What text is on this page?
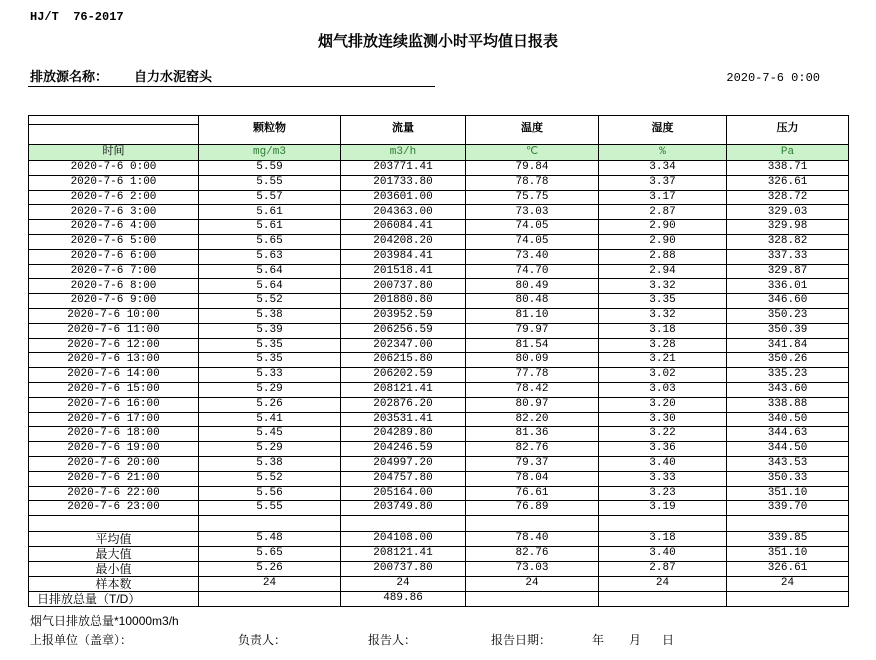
HJ/T  76-2017
烟气排放连续监测小时平均值日报表
排放源名称： 自力水泥窑头	2020-7-6 0:00
	颗粒物	流量	温度	湿度	压力

时间	mg/m3	m3/h	℃	%	Pa
2020-7-6 0:00	5.59	203771.41	79.84	3.34	338.71
2020-7-6 1:00	5.55	201733.80	78.78	3.37	326.61
2020-7-6 2:00	5.57	203601.00	75.75	3.17	328.72
2020-7-6 3:00	5.61	204363.00	73.03	2.87	329.03
2020-7-6 4:00	5.61	206084.41	74.05	2.90	329.98
2020-7-6 5:00	5.65	204208.20	74.05	2.90	328.82
2020-7-6 6:00	5.63	203984.41	73.40	2.88	337.33
2020-7-6 7:00	5.64	201518.41	74.70	2.94	329.87
2020-7-6 8:00	5.64	200737.80	80.49	3.32	336.01
2020-7-6 9:00	5.52	201880.80	80.48	3.35	346.60
2020-7-6 10:00	5.38	203952.59	81.10	3.32	350.23
2020-7-6 11:00	5.39	206256.59	79.97	3.18	350.39
2020-7-6 12:00	5.35	202347.00	81.54	3.28	341.84
2020-7-6 13:00	5.35	206215.80	80.09	3.21	350.26
2020-7-6 14:00	5.33	206202.59	77.78	3.02	335.23
2020-7-6 15:00	5.29	208121.41	78.42	3.03	343.60
2020-7-6 16:00	5.26	202876.20	80.97	3.20	338.88
2020-7-6 17:00	5.41	203531.41	82.20	3.30	340.50
2020-7-6 18:00	5.45	204289.80	81.36	3.22	344.63
2020-7-6 19:00	5.29	204246.59	82.76	3.36	344.50
2020-7-6 20:00	5.38	204997.20	79.37	3.40	343.53
2020-7-6 21:00	5.52	204757.80	78.04	3.33	350.33
2020-7-6 22:00	5.56	205164.00	76.61	3.23	351.10
2020-7-6 23:00	5.55	203749.80	76.89	3.19	339.70

平均值	5.48	204108.00	78.40	3.18	339.85
最大值	5.65	208121.41	82.76	3.40	351.10
最小值	5.26	200737.80	73.03	2.87	326.61
样本数	24	24	24	24	24
日排放总量（T/D）		489.86			
烟气日排放总量*10000m3/h
上报单位（盖章）：	负责人：	报告人：	报告日期：	年 月 日
